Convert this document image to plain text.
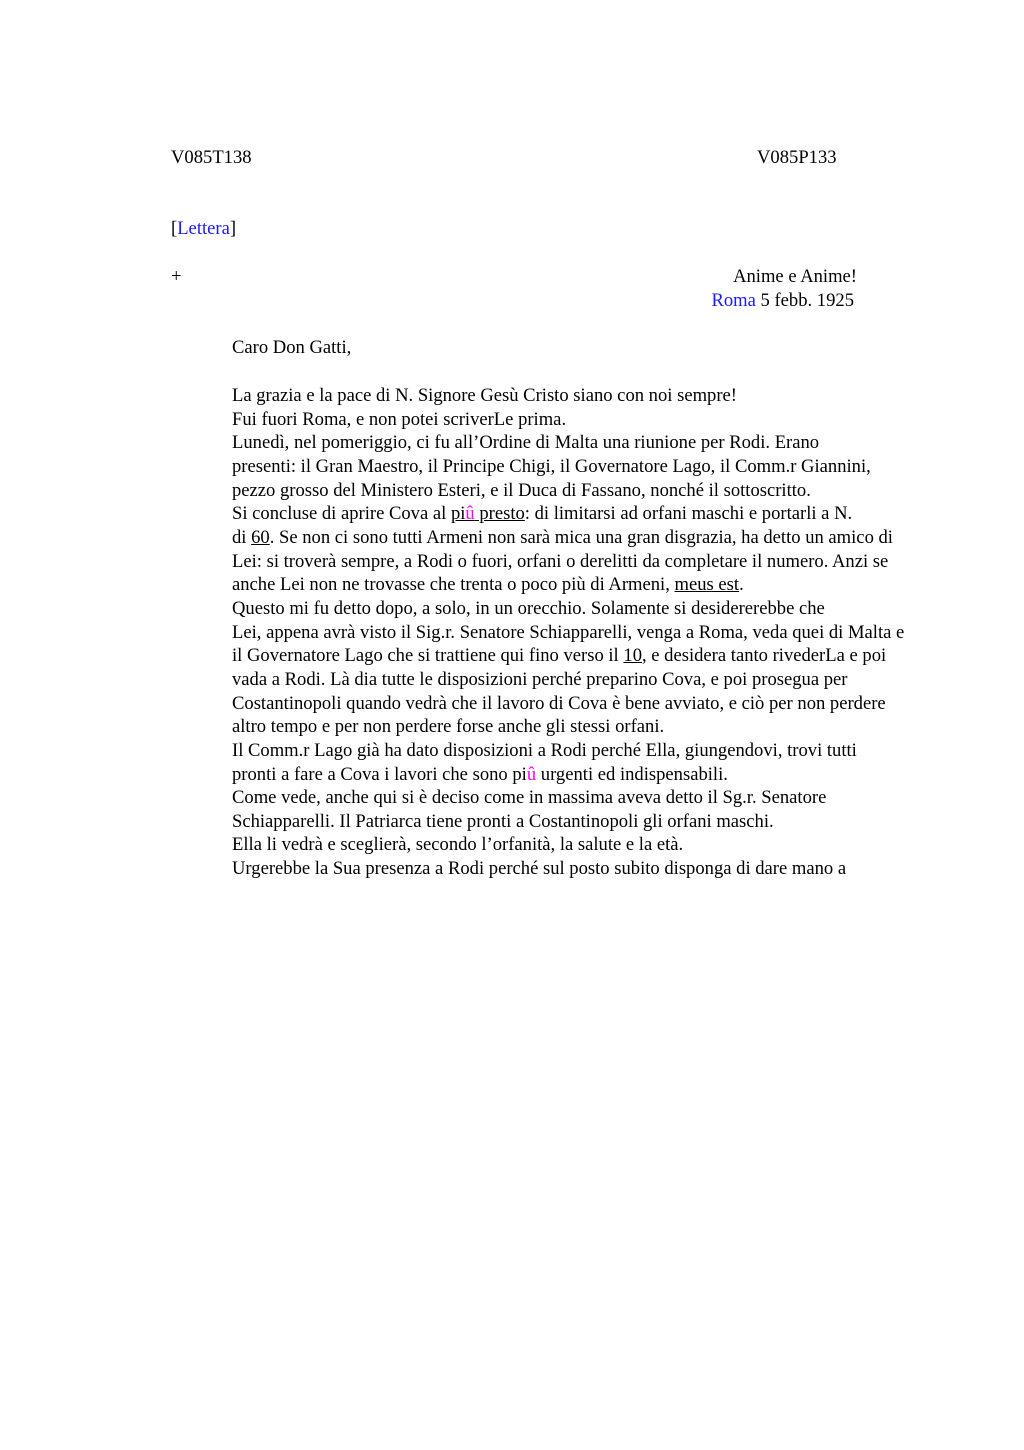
V085T138	V085P133
[Lettera]
+	Anime e Anime!
Roma 5 febb. 1925
Caro Don Gatti,

La grazia e la pace di N. Signore Gesù Cristo siano con noi sempre!

Fui fuori Roma, e non potei scriverLe prima.

Lunedì, nel pomeriggio, ci fu all’Ordine di Malta una riunione per Rodi. Erano
presenti: il Gran Maestro, il Principe Chigi, il Governatore Lago, il Comm.r Giannini,
pezzo grosso del Ministero Esteri, e il Duca di Fassano, nonché il sottoscritto.

Si concluse di aprire Cova al piû presto: di limitarsi ad orfani maschi e portarli a N.
di 60. Se non ci sono tutti Armeni non sarà mica una gran disgrazia, ha detto un amico di
Lei: si troverà sempre, a Rodi o fuori, orfani o derelitti da completare il numero. Anzi se
anche Lei non ne trovasse che trenta o poco più di Armeni, meus est.

Questo mi fu detto dopo, a solo, in un orecchio. Solamente si desidererebbe che
Lei, appena avrà visto il Sig.r. Senatore Schiapparelli, venga a Roma, veda quei di Malta e
il Governatore Lago che si trattiene qui fino verso il 10, e desidera tanto rivederLa e poi
vada a Rodi. Là dia tutte le disposizioni perché preparino Cova, e poi prosegua per
Costantinopoli quando vedrà che il lavoro di Cova è bene avviato, e ciò per non perdere
altro tempo e per non perdere forse anche gli stessi orfani.

Il Comm.r Lago già ha dato disposizioni a Rodi perché Ella, giungendovi, trovi tutti
pronti a fare a Cova i lavori che sono piû urgenti ed indispensabili.

Come vede, anche qui si è deciso come in massima aveva detto il Sg.r. Senatore
Schiapparelli. Il Patriarca tiene pronti a Costantinopoli gli orfani maschi.

Ella li vedrà e sceglierà, secondo l’orfanità, la salute e la età.

Urgerebbe la Sua presenza a Rodi perché sul posto subito disponga di dare mano a
